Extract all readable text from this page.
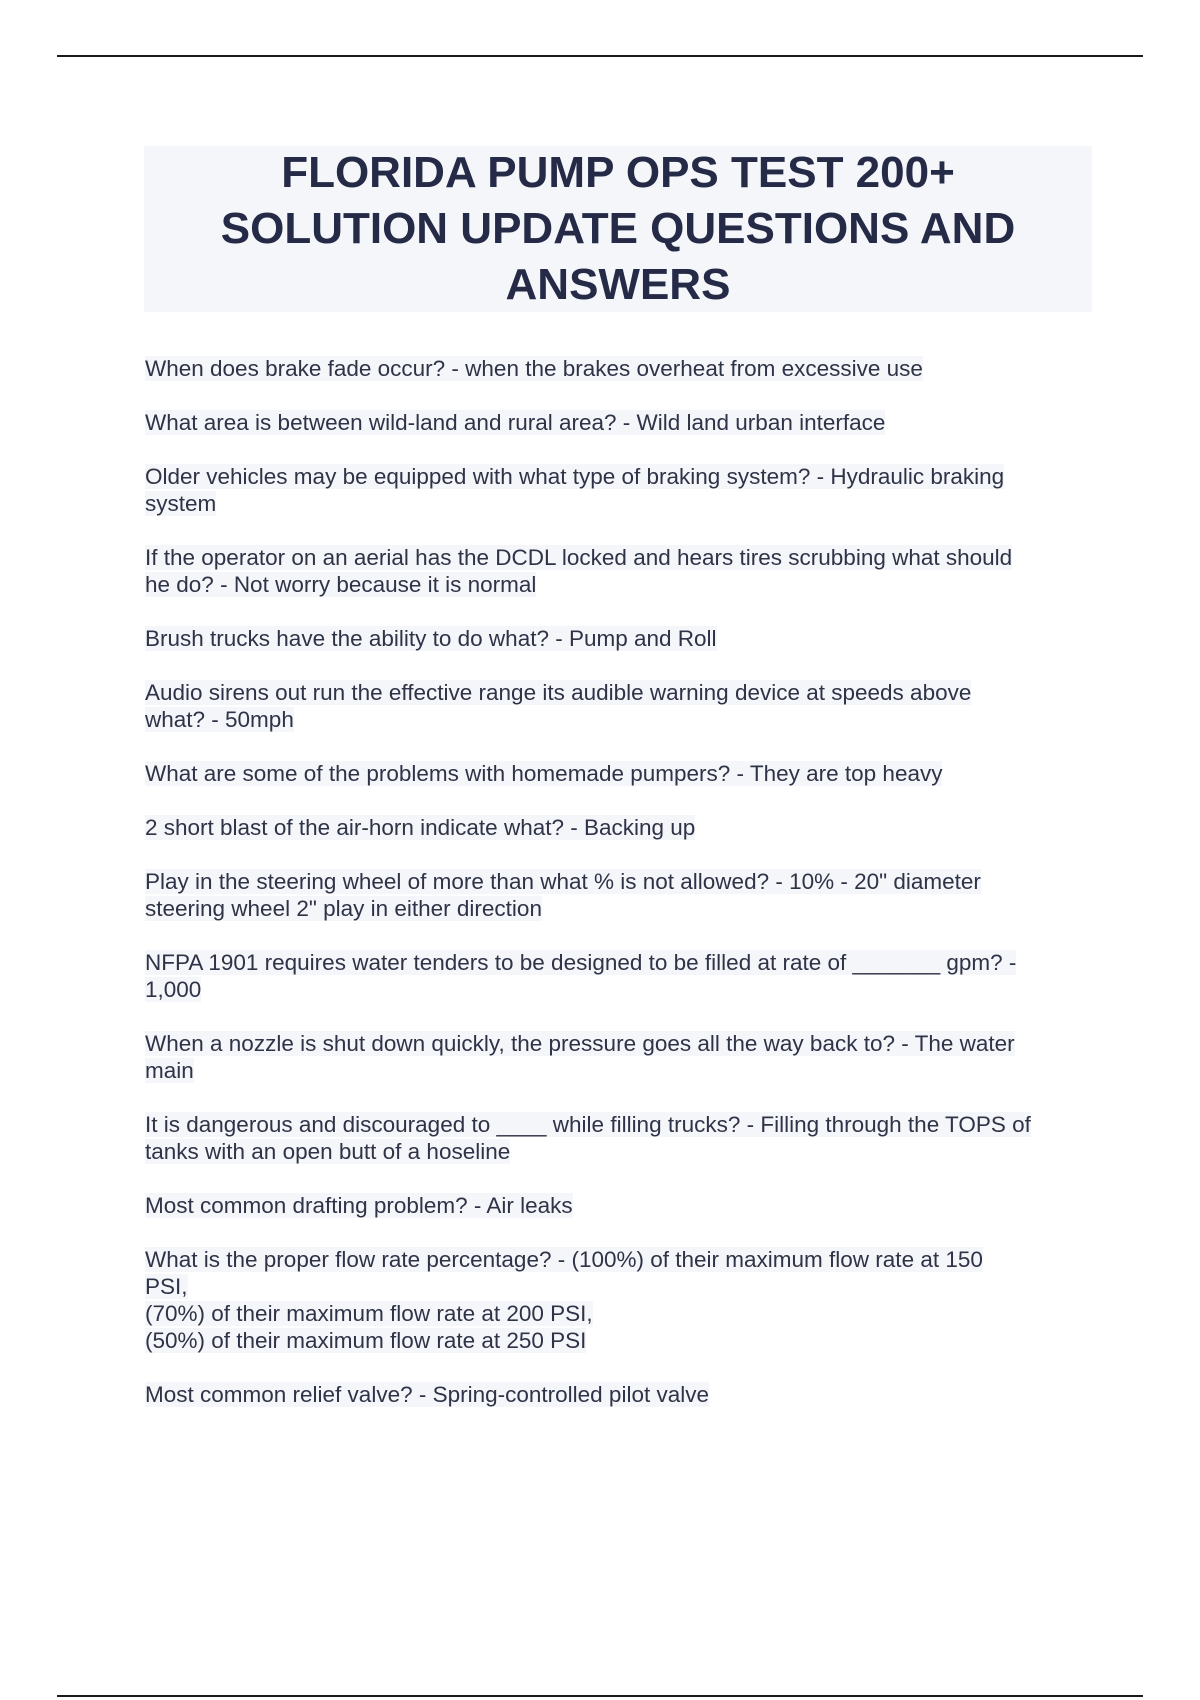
FLORIDA PUMP OPS TEST 200+
SOLUTION UPDATE QUESTIONS AND
ANSWERS

When does brake fade occur? - when the brakes overheat from excessive use

What area is between wild-land and rural area? - Wild land urban interface

Older vehicles may be equipped with what type of braking system? - Hydraulic braking
system

If the operator on an aerial has the DCDL locked and hears tires scrubbing what should
he do? - Not worry because it is normal

Brush trucks have the ability to do what? - Pump and Roll

Audio sirens out run the effective range its audible warning device at speeds above
what? - 50mph

What are some of the problems with homemade pumpers? - They are top heavy

2 short blast of the air-horn indicate what? - Backing up

Play in the steering wheel of more than what % is not allowed? - 10% - 20" diameter
steering wheel 2" play in either direction

NFPA 1901 requires water tenders to be designed to be filled at rate of _______ gpm? -
1,000

When a nozzle is shut down quickly, the pressure goes all the way back to? - The water
main

It is dangerous and discouraged to ____ while filling trucks? - Filling through the TOPS of
tanks with an open butt of a hoseline

Most common drafting problem? - Air leaks

What is the proper flow rate percentage? - (100%) of their maximum flow rate at 150
PSI,
(70%) of their maximum flow rate at 200 PSI,
(50%) of their maximum flow rate at 250 PSI

Most common relief valve? - Spring-controlled pilot valve
